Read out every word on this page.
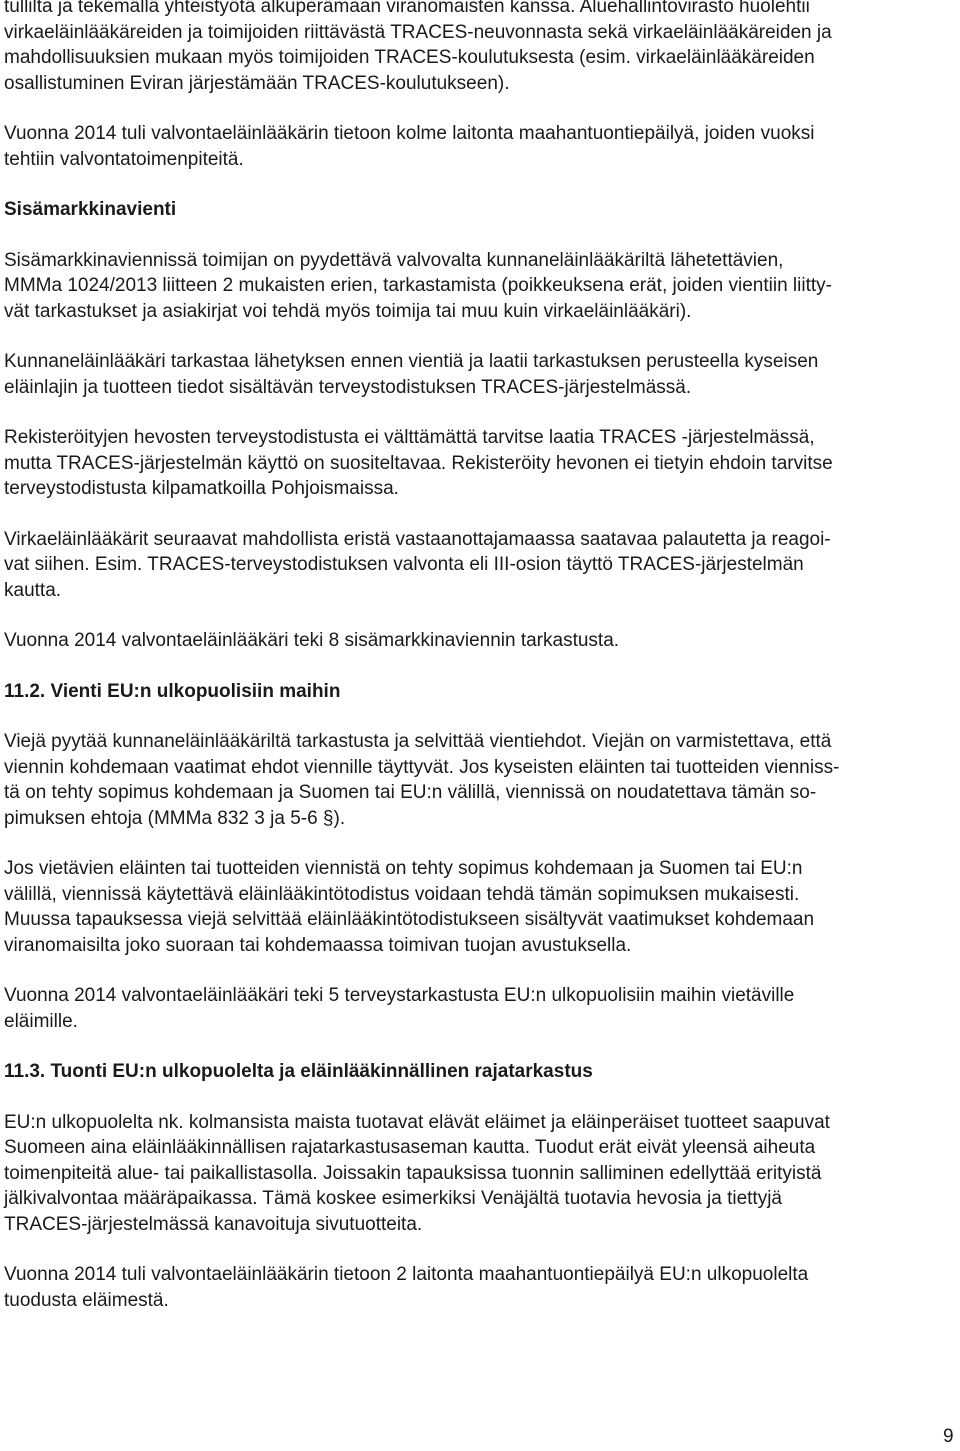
tullilta ja tekemällä yhteistyötä alkuperämaan viranomaisten kanssa. Aluehallintovirasto huolehtii
virkaeläinlääkäreiden ja toimijoiden riittävästä TRACES-neuvonnasta sekä virkaeläinlääkäreiden ja
mahdollisuuksien mukaan myös toimijoiden TRACES-koulutuksesta (esim. virkaeläinlääkäreiden
osallistuminen Eviran järjestämään TRACES-koulutukseen).

Vuonna 2014 tuli valvontaeläinlääkärin tietoon kolme laitonta maahantuontiepäilyä, joiden vuoksi
tehtiin valvontatoimenpiteitä.

Sisämarkkinavienti

Sisämarkkinaviennissä toimijan on pyydettävä valvovalta kunnaneläinlääkäriltä lähetettävien,
MMMa 1024/2013 liitteen 2 mukaisten erien, tarkastamista (poikkeuksena erät, joiden vientiin liitty-
vät tarkastukset ja asiakirjat voi tehdä myös toimija tai muu kuin virkaeläinlääkäri).

Kunnaneläinlääkäri tarkastaa lähetyksen ennen vientiä ja laatii tarkastuksen perusteella kyseisen
eläinlajin ja tuotteen tiedot sisältävän terveystodistuksen TRACES-järjestelmässä.

Rekisteröityjen hevosten terveystodistusta ei välttämättä tarvitse laatia TRACES -järjestelmässä,
mutta TRACES-järjestelmän käyttö on suositeltavaa. Rekisteröity hevonen ei tietyin ehdoin tarvitse
terveystodistusta kilpamatkoilla Pohjoismaissa.

Virkaeläinlääkärit seuraavat mahdollista eristä vastaanottajamaassa saatavaa palautetta ja reagoi-
vat siihen. Esim. TRACES-terveystodistuksen valvonta eli III-osion täyttö TRACES-järjestelmän
kautta.

Vuonna 2014 valvontaeläinlääkäri teki 8 sisämarkkinaviennin tarkastusta.

11.2. Vienti EU:n ulkopuolisiin maihin

Viejä pyytää kunnaneläinlääkäriltä tarkastusta ja selvittää vientiehdot. Viejän on varmistettava, että
viennin kohdemaan vaatimat ehdot viennille täyttyvät. Jos kyseisten eläinten tai tuotteiden vienniss-
tä on tehty sopimus kohdemaan ja Suomen tai EU:n välillä, viennissä on noudatettava tämän so-
pimuksen ehtoja (MMMa 832 3 ja 5-6 §).

Jos vietävien eläinten tai tuotteiden viennistä on tehty sopimus kohdemaan ja Suomen tai EU:n
välillä, viennissä käytettävä eläinlääkintötodistus voidaan tehdä tämän sopimuksen mukaisesti.
Muussa tapauksessa viejä selvittää eläinlääkintötodistukseen sisältyvät vaatimukset kohdemaan
viranomaisilta joko suoraan tai kohdemaassa toimivan tuojan avustuksella.

Vuonna 2014 valvontaeläinlääkäri teki 5 terveystarkastusta EU:n ulkopuolisiin maihin vietäville
eläimille.

11.3. Tuonti EU:n ulkopuolelta ja eläinlääkinnällinen rajatarkastus

EU:n ulkopuolelta nk. kolmansista maista tuotavat elävät eläimet ja eläinperäiset tuotteet saapuvat
Suomeen aina eläinlääkinnällisen rajatarkastusaseman kautta. Tuodut erät eivät yleensä aiheuta
toimenpiteitä alue- tai paikallistasolla. Joissakin tapauksissa tuonnin salliminen edellyttää erityistä
jälkivalvontaa määräpaikassa. Tämä koskee esimerkiksi Venäjältä tuotavia hevosia ja tiettyjä
TRACES-järjestelmässä kanavoituja sivutuotteita.

Vuonna 2014 tuli valvontaeläinlääkärin tietoon 2 laitonta maahantuontiepäilyä EU:n ulkopuolelta
tuodusta eläimestä.

9
